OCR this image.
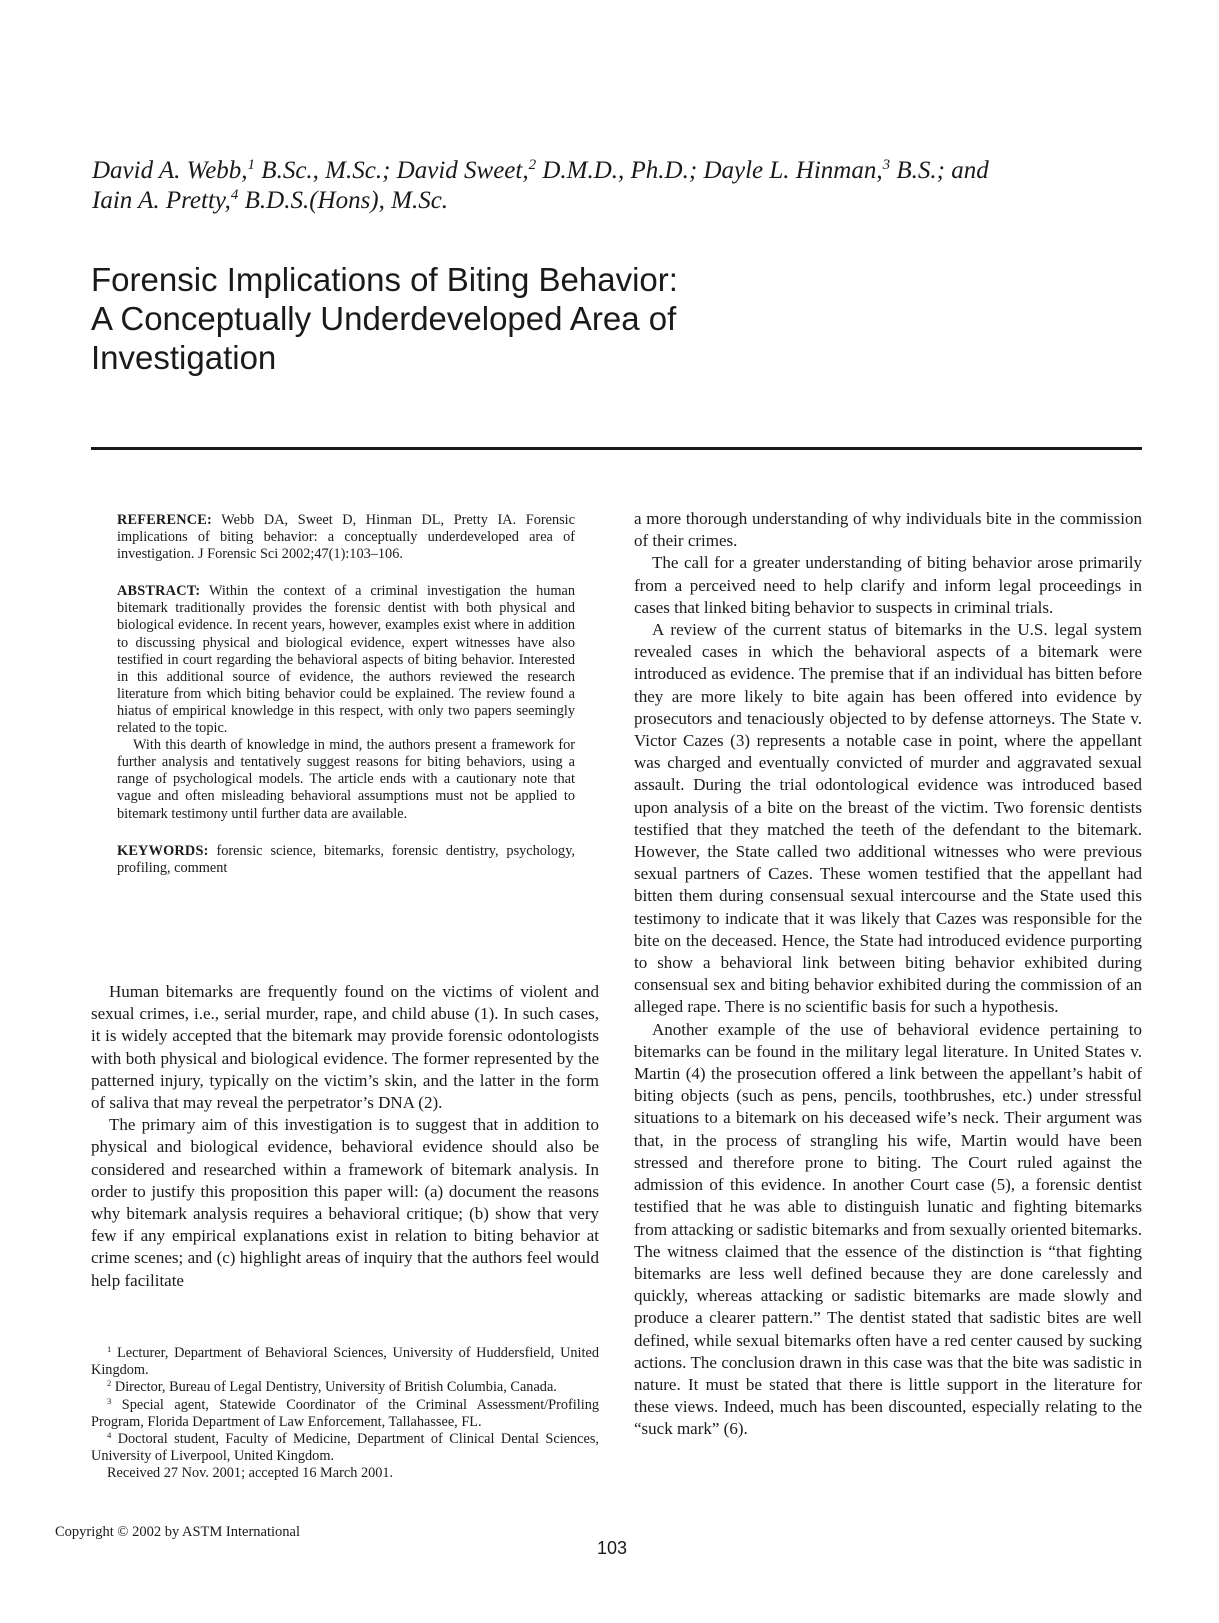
David A. Webb,$^1$ B.Sc., M.Sc.; David Sweet,$^2$ D.M.D., Ph.D.; Dayle L. Hinman,$^3$ B.S.; and
Iain A. Pretty,$^4$ B.D.S.(Hons), M.Sc.
Forensic Implications of Biting Behavior:
A Conceptually Underdeveloped Area of
Investigation

REFERENCE: Webb DA, Sweet D, Hinman DL, Pretty IA. Forensic implications of biting behavior: a conceptually underdeveloped area of investigation. J Forensic Sci 2002;47(1):103–106.

ABSTRACT: Within the context of a criminal investigation the human bitemark traditionally provides the forensic dentist with both physical and biological evidence. In recent years, however, examples exist where in addition to discussing physical and biological evidence, expert witnesses have also testified in court regarding the behavioral aspects of biting behavior. Interested in this additional source of evidence, the authors reviewed the research literature from which biting behavior could be explained. The review found a hiatus of empirical knowledge in this respect, with only two papers seemingly related to the topic.

With this dearth of knowledge in mind, the authors present a framework for further analysis and tentatively suggest reasons for biting behaviors, using a range of psychological models. The article ends with a cautionary note that vague and often misleading behavioral assumptions must not be applied to bitemark testimony until further data are available.

KEYWORDS: forensic science, bitemarks, forensic dentistry, psychology, profiling, comment

Human bitemarks are frequently found on the victims of violent and sexual crimes, i.e., serial murder, rape, and child abuse (1). In such cases, it is widely accepted that the bitemark may provide forensic odontologists with both physical and biological evidence. The former represented by the patterned injury, typically on the victim’s skin, and the latter in the form of saliva that may reveal the perpetrator’s DNA (2).

The primary aim of this investigation is to suggest that in addition to physical and biological evidence, behavioral evidence should also be considered and researched within a framework of bitemark analysis. In order to justify this proposition this paper will: (a) document the reasons why bitemark analysis requires a behavioral critique; (b) show that very few if any empirical explanations exist in relation to biting behavior at crime scenes; and (c) highlight areas of inquiry that the authors feel would help facilitate

$^1$ Lecturer, Department of Behavioral Sciences, University of Huddersfield, United Kingdom.

$^2$ Director, Bureau of Legal Dentistry, University of British Columbia, Canada.

$^3$ Special agent, Statewide Coordinator of the Criminal Assessment/Profiling Program, Florida Department of Law Enforcement, Tallahassee, FL.

$^4$ Doctoral student, Faculty of Medicine, Department of Clinical Dental Sciences, University of Liverpool, United Kingdom.

Received 27 Nov. 2001; accepted 16 March 2001.

Copyright © 2002 by ASTM International
103

a more thorough understanding of why individuals bite in the commission of their crimes.

The call for a greater understanding of biting behavior arose primarily from a perceived need to help clarify and inform legal proceedings in cases that linked biting behavior to suspects in criminal trials.

A review of the current status of bitemarks in the U.S. legal system revealed cases in which the behavioral aspects of a bitemark were introduced as evidence. The premise that if an individual has bitten before they are more likely to bite again has been offered into evidence by prosecutors and tenaciously objected to by defense attorneys. The State v. Victor Cazes (3) represents a notable case in point, where the appellant was charged and eventually convicted of murder and aggravated sexual assault. During the trial odontological evidence was introduced based upon analysis of a bite on the breast of the victim. Two forensic dentists testified that they matched the teeth of the defendant to the bitemark. However, the State called two additional witnesses who were previous sexual partners of Cazes. These women testified that the appellant had bitten them during consensual sexual intercourse and the State used this testimony to indicate that it was likely that Cazes was responsible for the bite on the deceased. Hence, the State had introduced evidence purporting to show a behavioral link between biting behavior exhibited during consensual sex and biting behavior exhibited during the commission of an alleged rape. There is no scientific basis for such a hypothesis.

Another example of the use of behavioral evidence pertaining to bitemarks can be found in the military legal literature. In United States v. Martin (4) the prosecution offered a link between the appellant’s habit of biting objects (such as pens, pencils, toothbrushes, etc.) under stressful situations to a bitemark on his deceased wife’s neck. Their argument was that, in the process of strangling his wife, Martin would have been stressed and therefore prone to biting. The Court ruled against the admission of this evidence. In another Court case (5), a forensic dentist testified that he was able to distinguish lunatic and fighting bitemarks from attacking or sadistic bitemarks and from sexually oriented bitemarks. The witness claimed that the essence of the distinction is “that fighting bitemarks are less well defined because they are done carelessly and quickly, whereas attacking or sadistic bitemarks are made slowly and produce a clearer pattern.” The dentist stated that sadistic bites are well defined, while sexual bitemarks often have a red center caused by sucking actions. The conclusion drawn in this case was that the bite was sadistic in nature. It must be stated that there is little support in the literature for these views. Indeed, much has been discounted, especially relating to the “suck mark” (6).
